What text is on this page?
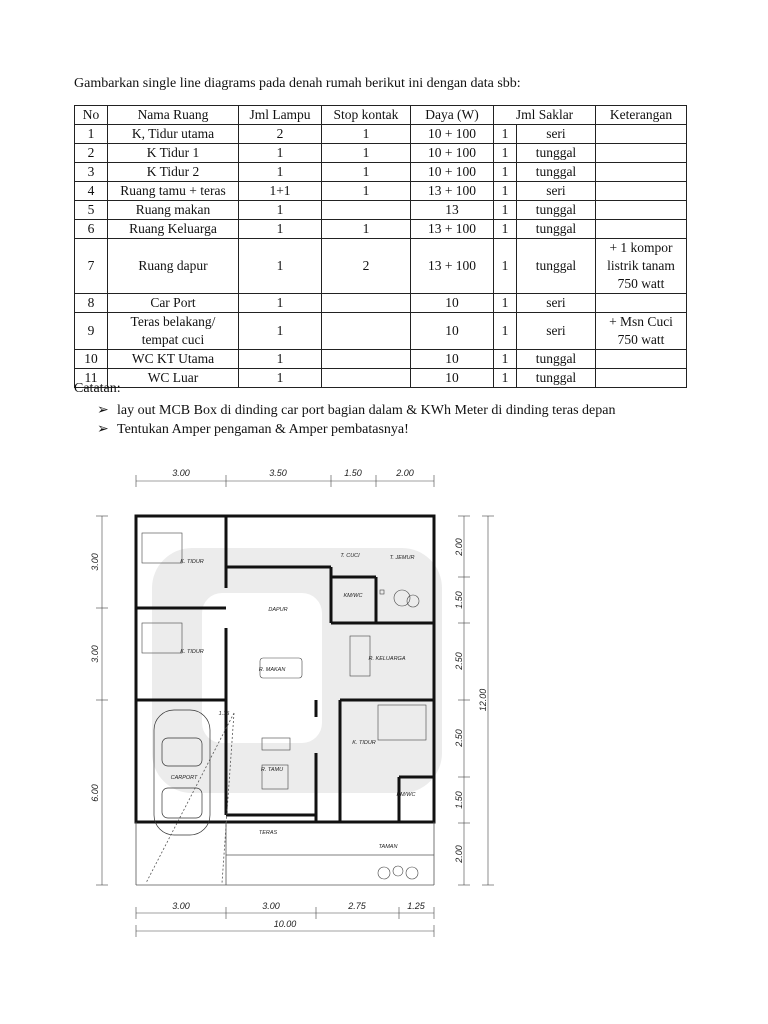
Gambarkan single line diagrams pada denah rumah berikut ini dengan data sbb:
No	Nama Ruang	Jml Lampu	Stop kontak	Daya (W)	Jml Saklar		Keterangan
1	K, Tidur utama	2	1	10 + 100	1	seri	
2	K Tidur 1	1	1	10 + 100	1	tunggal	
3	K Tidur 2	1	1	10 + 100	1	tunggal	
4	Ruang tamu + teras	1+1	1	13 + 100	1	seri	
5	Ruang makan	1		13	1	tunggal	
6	Ruang Keluarga	1	1	13 + 100	1	tunggal	
7	Ruang dapur	1	2	13 + 100	1	tunggal	+ 1 kompor listrik tanam 750 watt
8	Car Port	1		10	1	seri	
9	Teras belakang/ tempat cuci	1		10	1	seri	+ Msn Cuci 750 watt
10	WC KT Utama	1		10	1	tunggal	
11	WC Luar	1		10	1	tunggal	
Catatan:
➢ lay out MCB Box di dinding car port bagian dalam & KWh Meter di dinding teras depan
➢ Tentukan Amper pengaman & Amper pembatasnya!
3.00	3.50	1.50	2.00
3.00	3.00	2.75	1.25
10.00
3.00
3.00
6.00
2.00
1.50
2.50
2.50
1.50
2.00
12.00
K. TIDUR
K. TIDUR
DAPUR
T. CUCI	T. JEMUR
KM/WC
R. KELUARGA
R. MAKAN
K. TIDUR
CARPORT
R. TAMU
KM/WC
TERAS
TAMAN
1.15
